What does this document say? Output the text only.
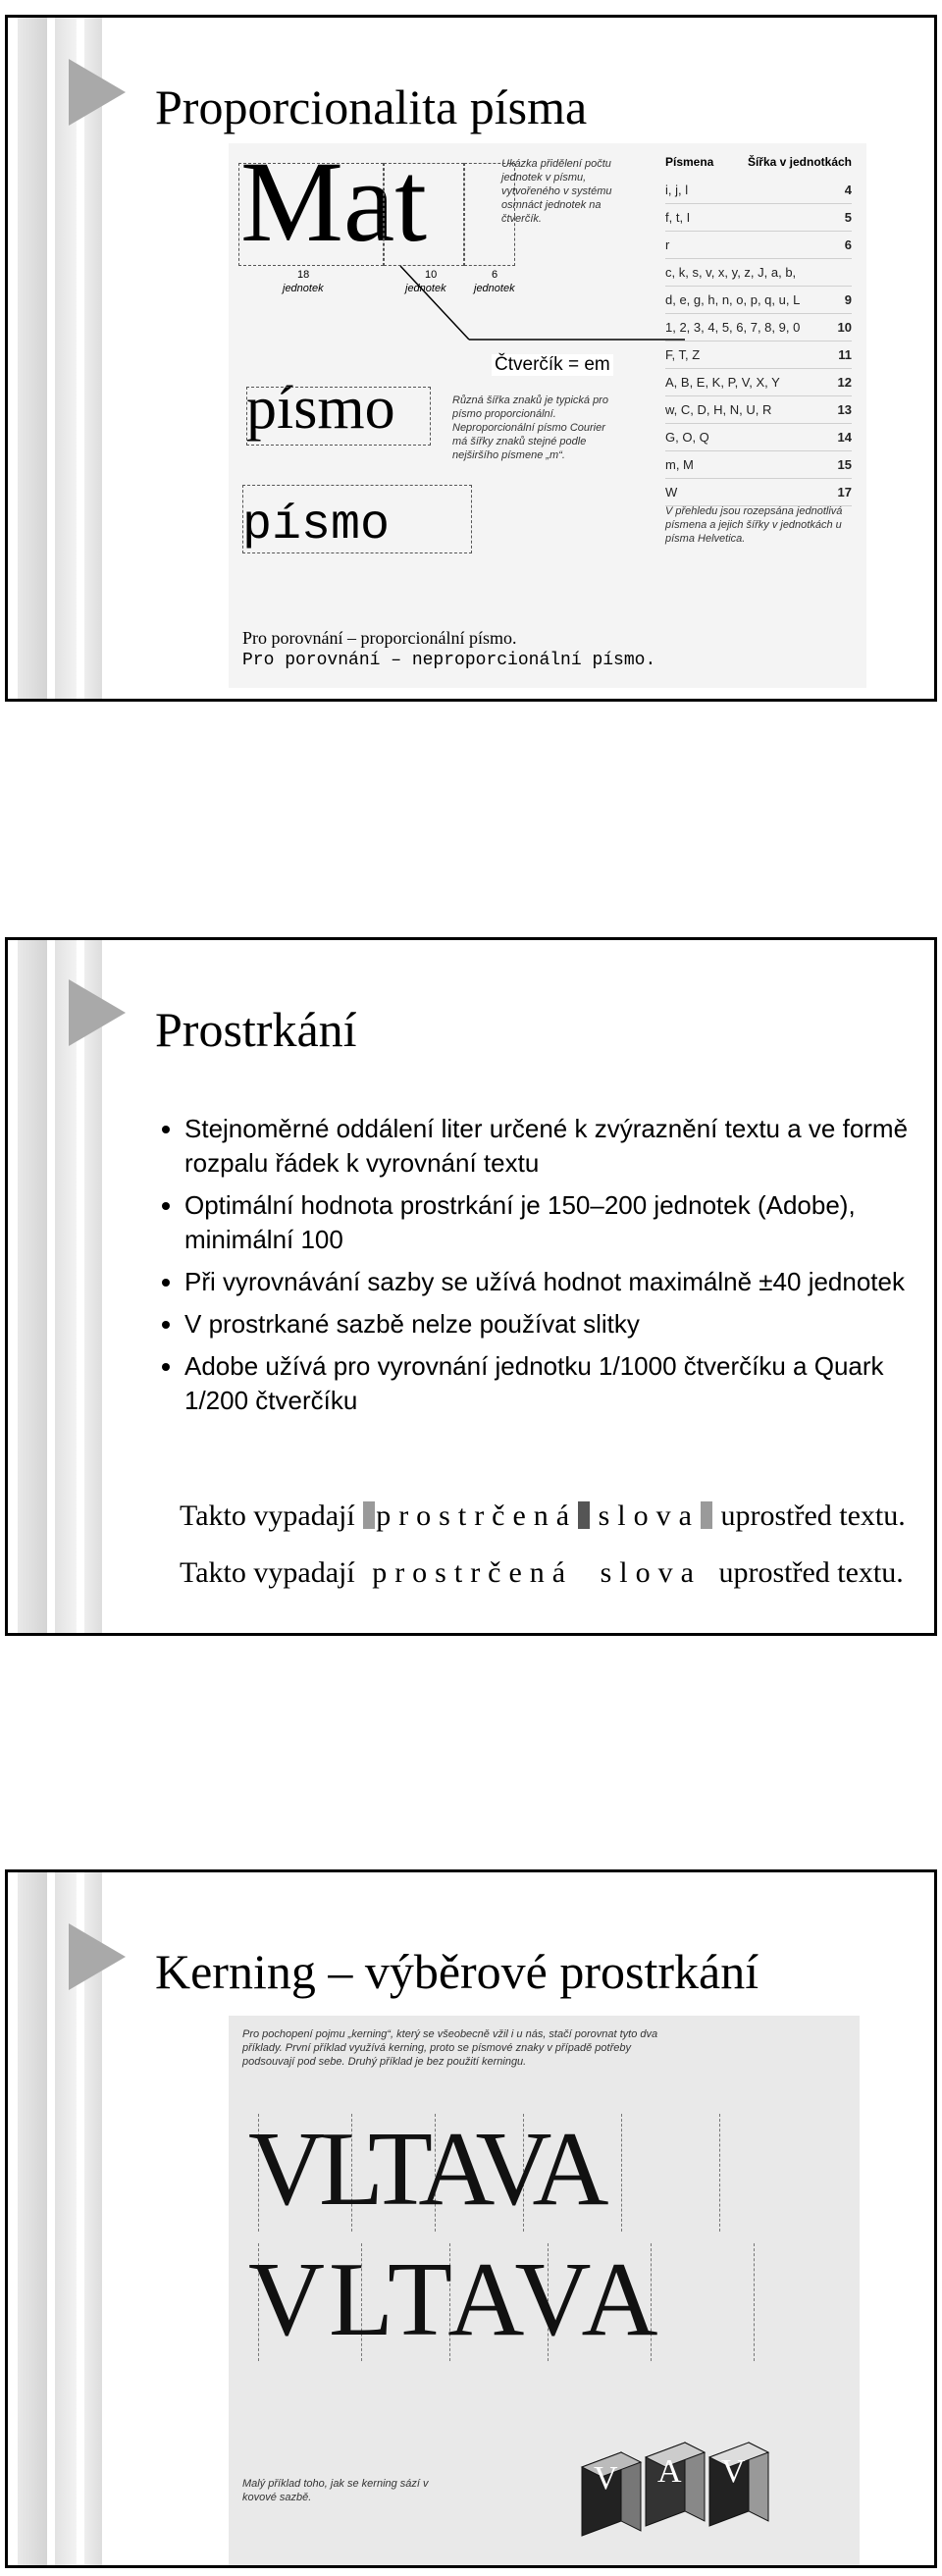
Proporcionalita písma
Mat
18	10	6
jednotek	jednotek	jednotek
Ukázka přidělení počtu jednotek v písmu, vytvořeného v systému osmnáct jednotek na čtverčík.
Čtverčík = em
písmo	Různá šířka znaků je typická pro písmo proporcionální. Neproporcionální písmo Courier má šířky znaků stejné podle nejširšího písmene „m“.
písmo
Pro porovnání – proporcionální písmo.
Pro porovnání – neproporcionální písmo.
Písmena	Šířka v jednotkách
i, j, l	4
f, t, I	5
r	6
c, k, s, v, x, y, z, J, a, b,
d, e, g, h, n, o, p, q, u, L	9
1, 2, 3, 4, 5, 6, 7, 8, 9, 0	10
F, T, Z	11
A, B, E, K, P, V, X, Y	12
w, C, D, H, N, U, R	13
G, O, Q	14
m, M	15
W	17
V přehledu jsou rozepsána jednotlivá písmena a jejich šířky v jednotkách u písma Helvetica.
Prostrkání
• Stejnoměrné oddálení liter určené k zvýraznění textu a ve formě rozpalu řádek k vyrovnání textu
• Optimální hodnota prostrkání je 150–200 jednotek (Adobe), minimální 100
• Při vyrovnávání sazby se užívá hodnot maximálně ±40 jednotek
• V prostrkané sazbě nelze používat slitky
• Adobe užívá pro vyrovnání jednotku 1/1000 čtverčíku a Quark 1/200 čtverčíku
Takto vypadají prostrčená slova uprostřed textu.
Takto vypadají prostrčená slova uprostřed textu.
Kerning – výběrové prostrkání
Pro pochopení pojmu „kerning“, který se všeobecně vžil i u nás, stačí porovnat tyto dva příklady. První příklad využívá kerning, proto se písmové znaky v případě potřeby podsouvají pod sebe. Druhý příklad je bez použití kerningu.
VLTAVA
VLTAVA
Malý příklad toho, jak se kerning sází v kovové sazbě.
V A V
